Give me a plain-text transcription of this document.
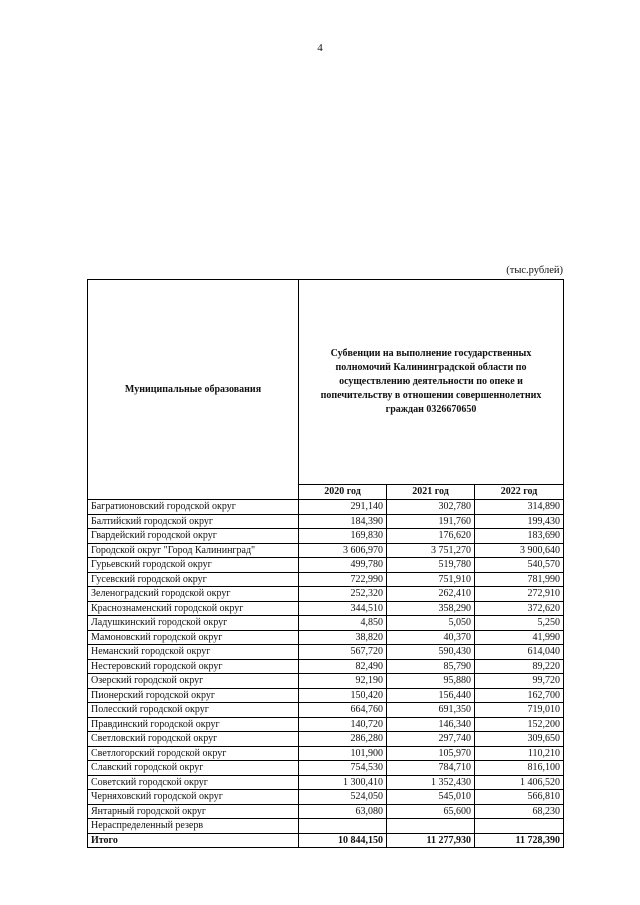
4
(тыс.рублей)
Муниципальные образования	Субвенции на выполнение государственных полномочий Калининградской области по осуществлению деятельности по опеке и попечительству в отношении совершеннолетних граждан 0326670650		
	2020 год	2021 год	2022 год
Багратионовский городской округ	291,140	302,780	314,890
Балтийский городской округ	184,390	191,760	199,430
Гвардейский городской округ	169,830	176,620	183,690
Городской округ "Город Калининград"	3 606,970	3 751,270	3 900,640
Гурьевский городской округ	499,780	519,780	540,570
Гусевский городской округ	722,990	751,910	781,990
Зеленоградский городской округ	252,320	262,410	272,910
Краснознаменский городской округ	344,510	358,290	372,620
Ладушкинский городской округ	4,850	5,050	5,250
Мамоновский городской округ	38,820	40,370	41,990
Неманский городской округ	567,720	590,430	614,040
Нестеровский городской округ	82,490	85,790	89,220
Озерский городской округ	92,190	95,880	99,720
Пионерский городской округ	150,420	156,440	162,700
Полесский городской округ	664,760	691,350	719,010
Правдинский городской округ	140,720	146,340	152,200
Светловский городской округ	286,280	297,740	309,650
Светлогорский городской округ	101,900	105,970	110,210
Славский городской округ	754,530	784,710	816,100
Советский городской округ	1 300,410	1 352,430	1 406,520
Черняховский городской округ	524,050	545,010	566,810
Янтарный городской округ	63,080	65,600	68,230
Нераспределенный резерв			
Итого	10 844,150	11 277,930	11 728,390
